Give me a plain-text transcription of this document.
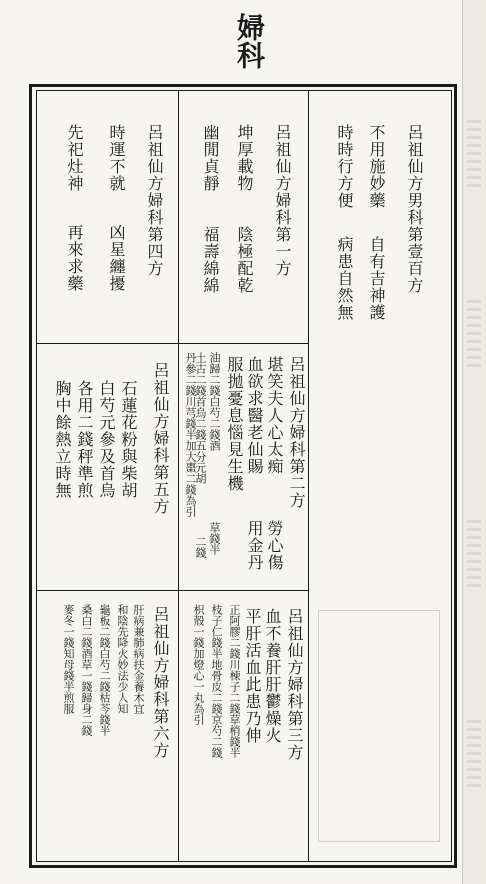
婦科
呂祖仙方男科第壹百方
不用施妙藥
時時行方便
自有吉神護
病患自然無
呂祖仙方婦科第一方
坤厚載物
幽閒貞靜
陰極配乾
福壽綿綿
呂祖仙方婦科第四方
時運不就
先祀灶神
凶星纏擾
再來求藥
呂祖仙方婦科第二方
堪笑夫人心太痴
勞心傷
血欲求醫老仙賜
用金丹
服拋憂息惱見生機
油歸二錢白芍二錢酒
草錢半
土古二錢首烏二錢五分元胡
二錢
丹參二錢川芎錢半加大棗二錢為引
呂祖仙方婦科第五方
石蓮花粉與柴胡
白芍元參及首烏
各用二錢秤準煎
胸中餘熱立時無
呂祖仙方婦科第三方
血不養肝肝鬱燥火
平肝活血此患乃伸
正阿膠二錢川棟子二錢草梢錢半
枝子仁錢半地骨皮二錢京芍二錢
枳殼一錢加燈心一丸為引
呂祖仙方婦科第六方
肝病兼肺病扶金養木宜
和陰先降火妙法少人知
龜板二錢白芍二錢枯芩錢半
桑白二錢酒草一錢歸身二錢
麥冬一錢知母錢半煎服
